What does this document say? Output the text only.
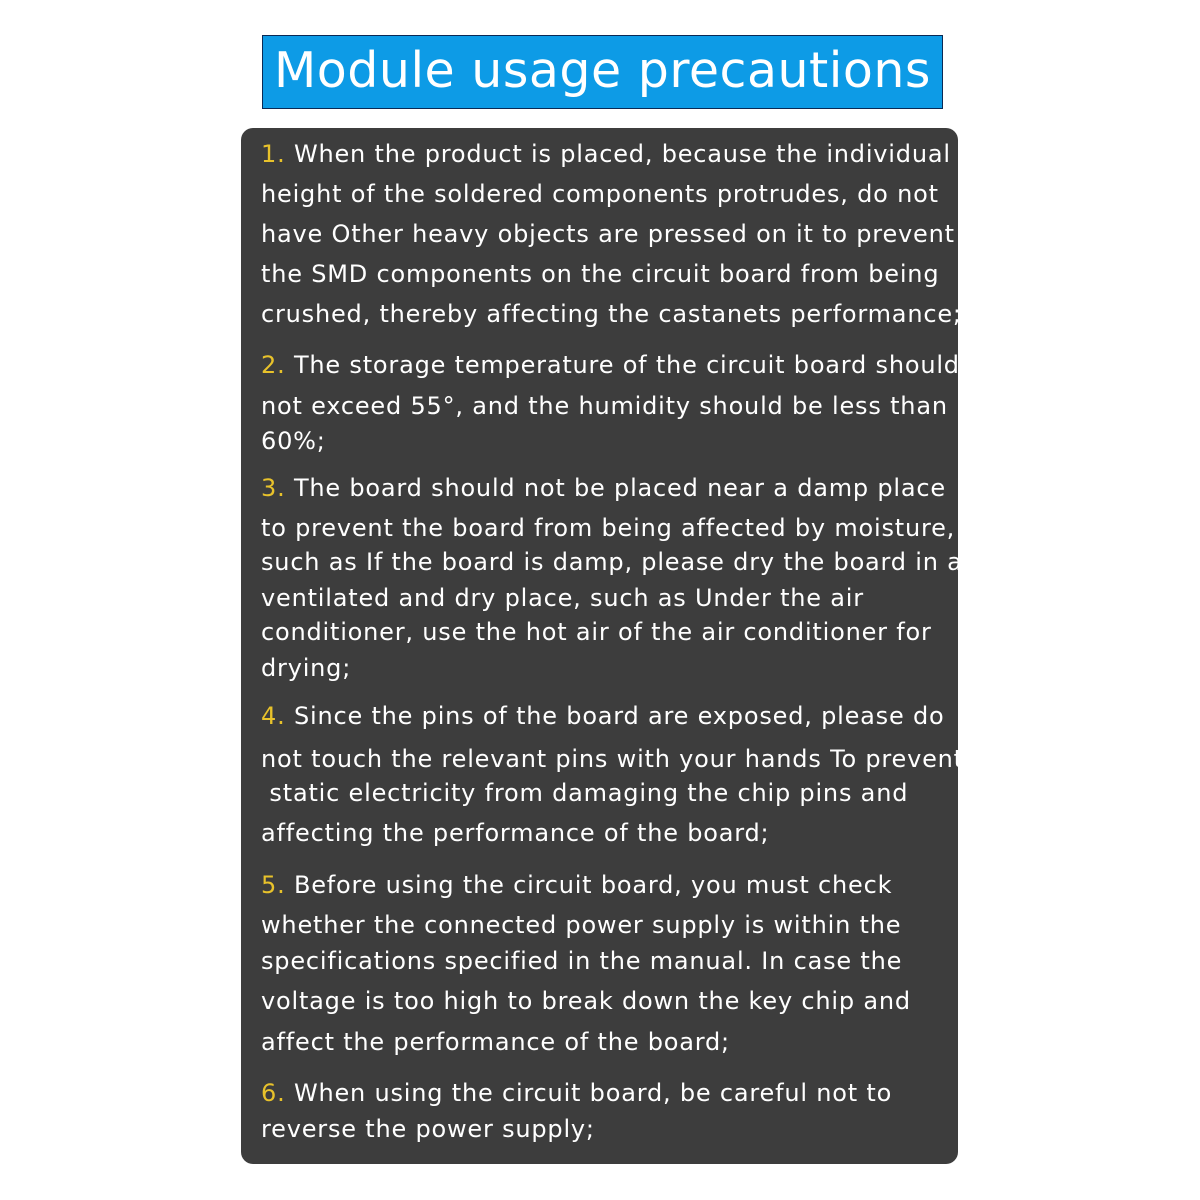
Module usage precautions
1. When the product is placed, because the individual
height of the soldered components protrudes, do not
have Other heavy objects are pressed on it to prevent
the SMD components on the circuit board from being
crushed, thereby affecting the castanets performance;
2. The storage temperature of the circuit board should
not exceed 55°, and the humidity should be less than
60%;
3. The board should not be placed near a damp place
to prevent the board from being affected by moisture,
such as If the board is damp, please dry the board in a
ventilated and dry place, such as Under the air
conditioner, use the hot air of the air conditioner for
drying;
4. Since the pins of the board are exposed, please do
not touch the relevant pins with your hands To prevent
static electricity from damaging the chip pins and
affecting the performance of the board;
5. Before using the circuit board, you must check
whether the connected power supply is within the
specifications specified in the manual. In case the
voltage is too high to break down the key chip and
affect the performance of the board;
6. When using the circuit board, be careful not to
reverse the power supply;
